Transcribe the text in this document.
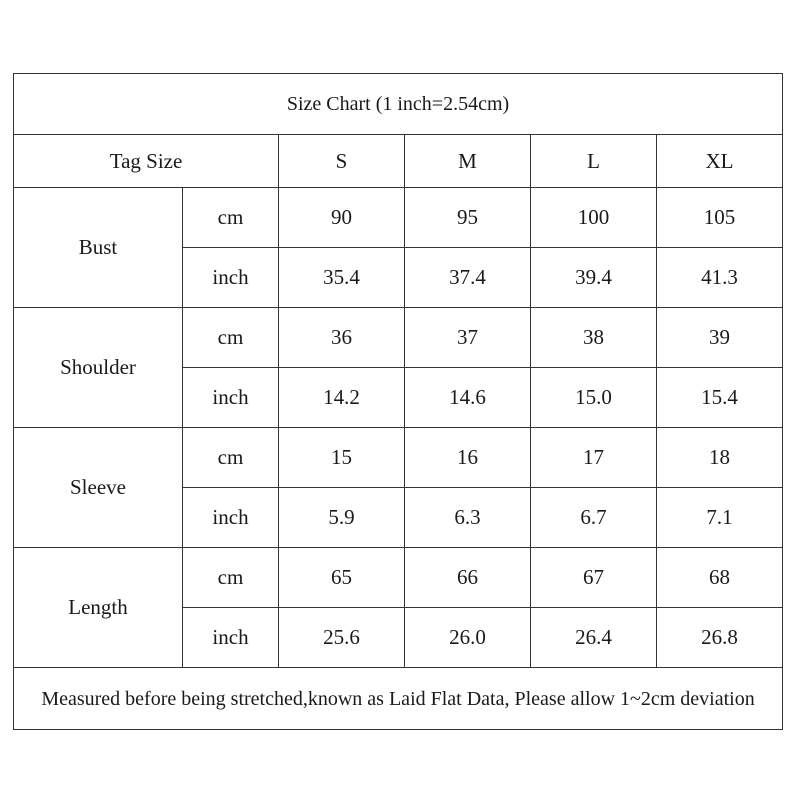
Size Chart (1 inch=2.54cm)					
Tag Size		S	M	L	XL
Bust	cm	90	95	100	105
	inch	35.4	37.4	39.4	41.3
Shoulder	cm	36	37	38	39
	inch	14.2	14.6	15.0	15.4
Sleeve	cm	15	16	17	18
	inch	5.9	6.3	6.7	7.1
Length	cm	65	66	67	68
	inch	25.6	26.0	26.4	26.8
Measured before being stretched,known as Laid Flat Data, Please allow 1~2cm deviation					
